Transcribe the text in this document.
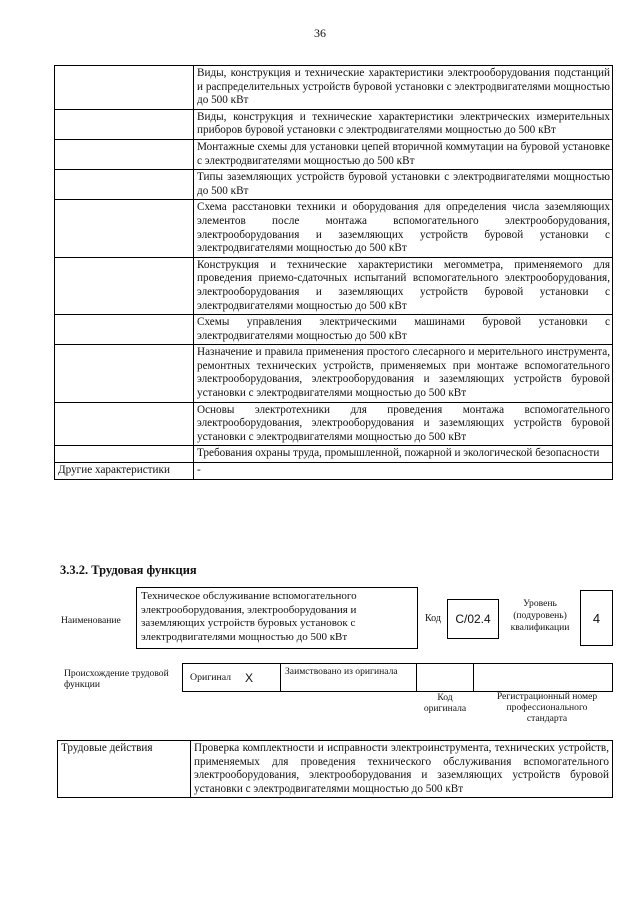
36
	Виды, конструкция и технические характеристики электрооборудования подстанций и распределительных устройств буровой установки с электродвигателями мощностью до 500 кВт
	Виды, конструкция и технические характеристики электрических измерительных приборов буровой установки с электродвигателями мощностью до 500 кВт
	Монтажные схемы для установки цепей вторичной коммутации на буровой установке с электродвигателями мощностью до 500 кВт
	Типы заземляющих устройств буровой установки с электродвигателями мощностью до 500 кВт
	Схема расстановки техники и оборудования для определения числа заземляющих элементов после монтажа вспомогательного электрооборудования, электрооборудования и заземляющих устройств буровой установки с электродвигателями мощностью до 500 кВт
	Конструкция и технические характеристики мегомметра, применяемого для проведения приемо-сдаточных испытаний вспомогательного электрооборудования, электрооборудования и заземляющих устройств буровой установки с электродвигателями мощностью до 500 кВт
	Схемы управления электрическими машинами буровой установки с электродвигателями мощностью до 500 кВт
	Назначение и правила применения простого слесарного и мерительного инструмента, ремонтных технических устройств, применяемых при монтаже вспомогательного электрооборудования, электрооборудования и заземляющих устройств буровой установки с электродвигателями мощностью до 500 кВт
	Основы электротехники для проведения монтажа вспомогательного электрооборудования, электрооборудования и заземляющих устройств буровой установки с электродвигателями мощностью до 500 кВт
	Требования охраны труда, промышленной, пожарной и экологической безопасности
Другие характеристики	-
3.3.2. Трудовая функция
Наименование
Техническое обслуживание вспомогательного электрооборудования, электрооборудования и заземляющих устройств буровых установок с электродвигателями мощностью до 500 кВт
Код	С/02.4
Уровень (подуровень) квалификации
4
Происхождение трудовой функции
Оригинал X	Заимствовано из оригинала
Код оригинала
Регистрационный номер профессионального стандарта
Трудовые действия	Проверка комплектности и исправности электроинструмента, технических устройств, применяемых для проведения технического обслуживания вспомогательного электрооборудования, электрооборудования и заземляющих устройств буровой установки с электродвигателями мощностью до 500 кВт
